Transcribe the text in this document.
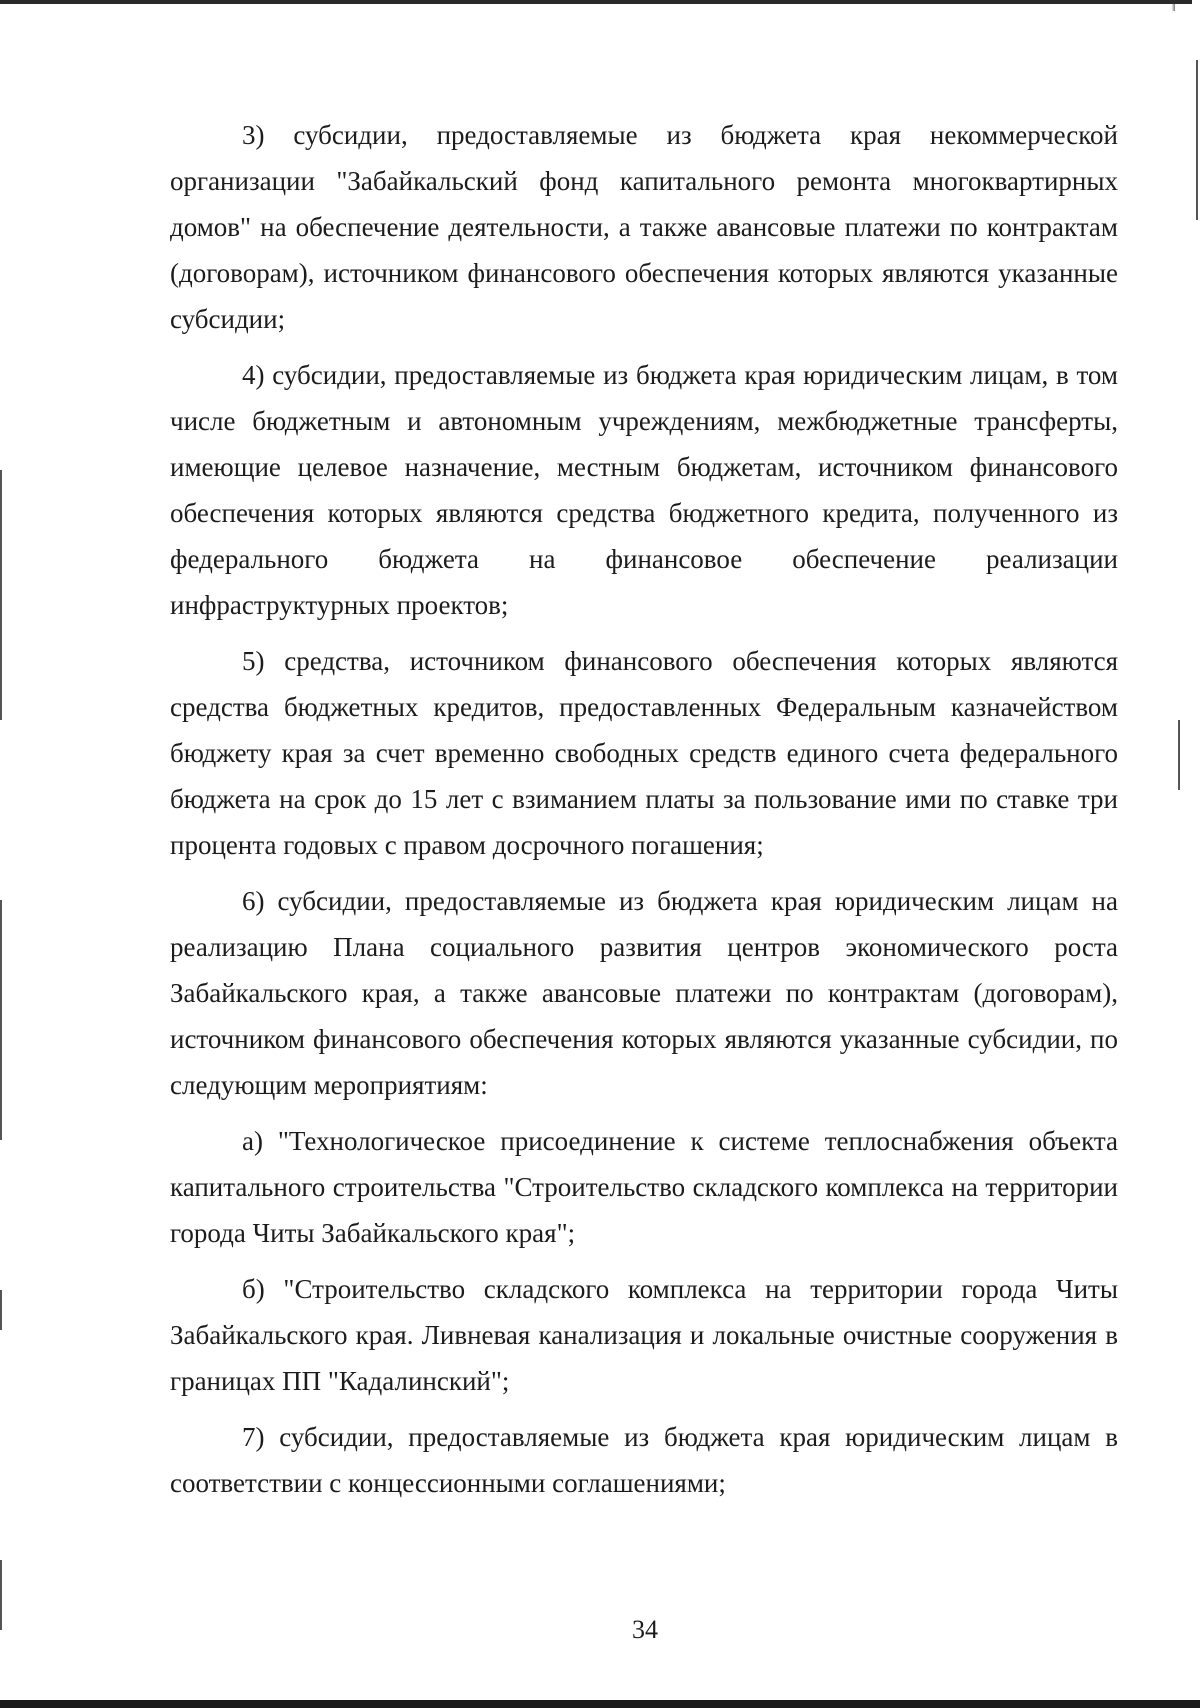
ǁ

3) субсидии, предоставляемые из бюджета края некоммерческой организации "Забайкальский фонд капитального ремонта многоквартирных домов" на обеспечение деятельности, а также авансовые платежи по контрактам (договорам), источником финансового обеспечения которых являются указанные субсидии;

4) субсидии, предоставляемые из бюджета края юридическим лицам, в том числе бюджетным и автономным учреждениям, межбюджетные трансферты, имеющие целевое назначение, местным бюджетам, источником финансового обеспечения которых являются средства бюджетного кредита, полученного из федерального бюджета на финансовое обеспечение реализации инфраструктурных проектов;

5) средства, источником финансового обеспечения которых являются средства бюджетных кредитов, предоставленных Федеральным казначейством бюджету края за счет временно свободных средств единого счета федерального бюджета на срок до 15 лет с взиманием платы за пользование ими по ставке три процента годовых с правом досрочного погашения;

6) субсидии, предоставляемые из бюджета края юридическим лицам на реализацию Плана социального развития центров экономического роста Забайкальского края, а также авансовые платежи по контрактам (договорам), источником финансового обеспечения которых являются указанные субсидии, по следующим мероприятиям:

а) "Технологическое присоединение к системе теплоснабжения объекта капитального строительства "Строительство складского комплекса на территории города Читы Забайкальского края";

б) "Строительство складского комплекса на территории города Читы Забайкальского края. Ливневая канализация и локальные очистные сооружения в границах ПП "Кадалинский";

7) субсидии, предоставляемые из бюджета края юридическим лицам в соответствии с концессионными соглашениями;

34
